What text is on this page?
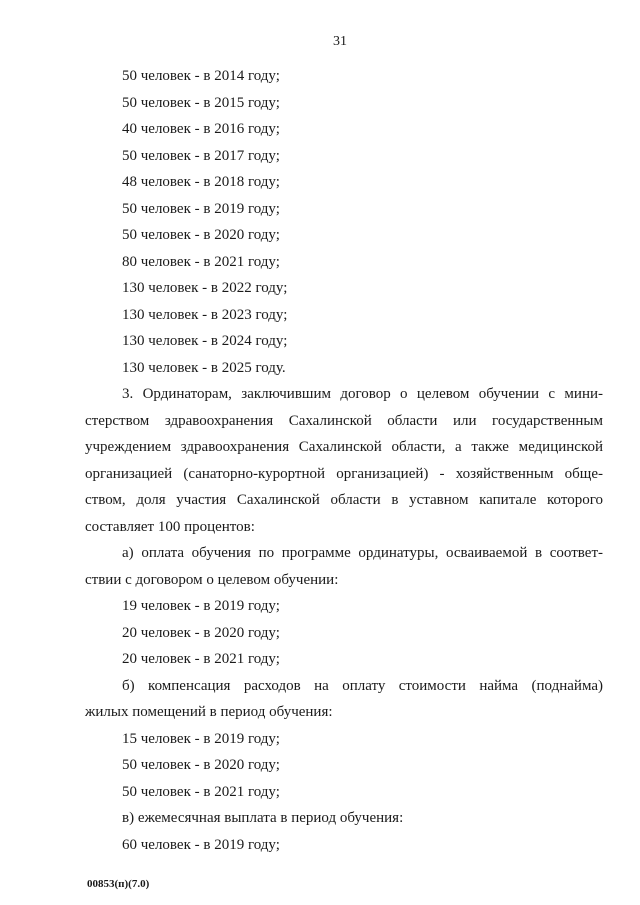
31
50 человек - в 2014 году;
50 человек - в 2015 году;
40 человек - в 2016 году;
50 человек - в 2017 году;
48 человек - в 2018 году;
50 человек - в 2019 году;
50 человек - в 2020 году;
80 человек - в 2021 году;
130 человек - в 2022 году;
130 человек - в 2023 году;
130 человек - в 2024 году;
130 человек - в 2025 году.
3. Ординаторам, заключившим договор о целевом обучении с мини-
стерством здравоохранения Сахалинской области или государственным
учреждением здравоохранения Сахалинской области, а также медицинской
организацией (санаторно-курортной организацией) - хозяйственным обще-
ством, доля участия Сахалинской области в уставном капитале которого
составляет 100 процентов:
а) оплата обучения по программе ординатуры, осваиваемой в соответ-
ствии с договором о целевом обучении:
19 человек - в 2019 году;
20 человек - в 2020 году;
20 человек - в 2021 году;
б) компенсация расходов на оплату стоимости найма (поднайма)
жилых помещений в период обучения:
15 человек - в 2019 году;
50 человек - в 2020 году;
50 человек - в 2021 году;
в) ежемесячная выплата в период обучения:
60 человек - в 2019 году;
00853(п)(7.0)
